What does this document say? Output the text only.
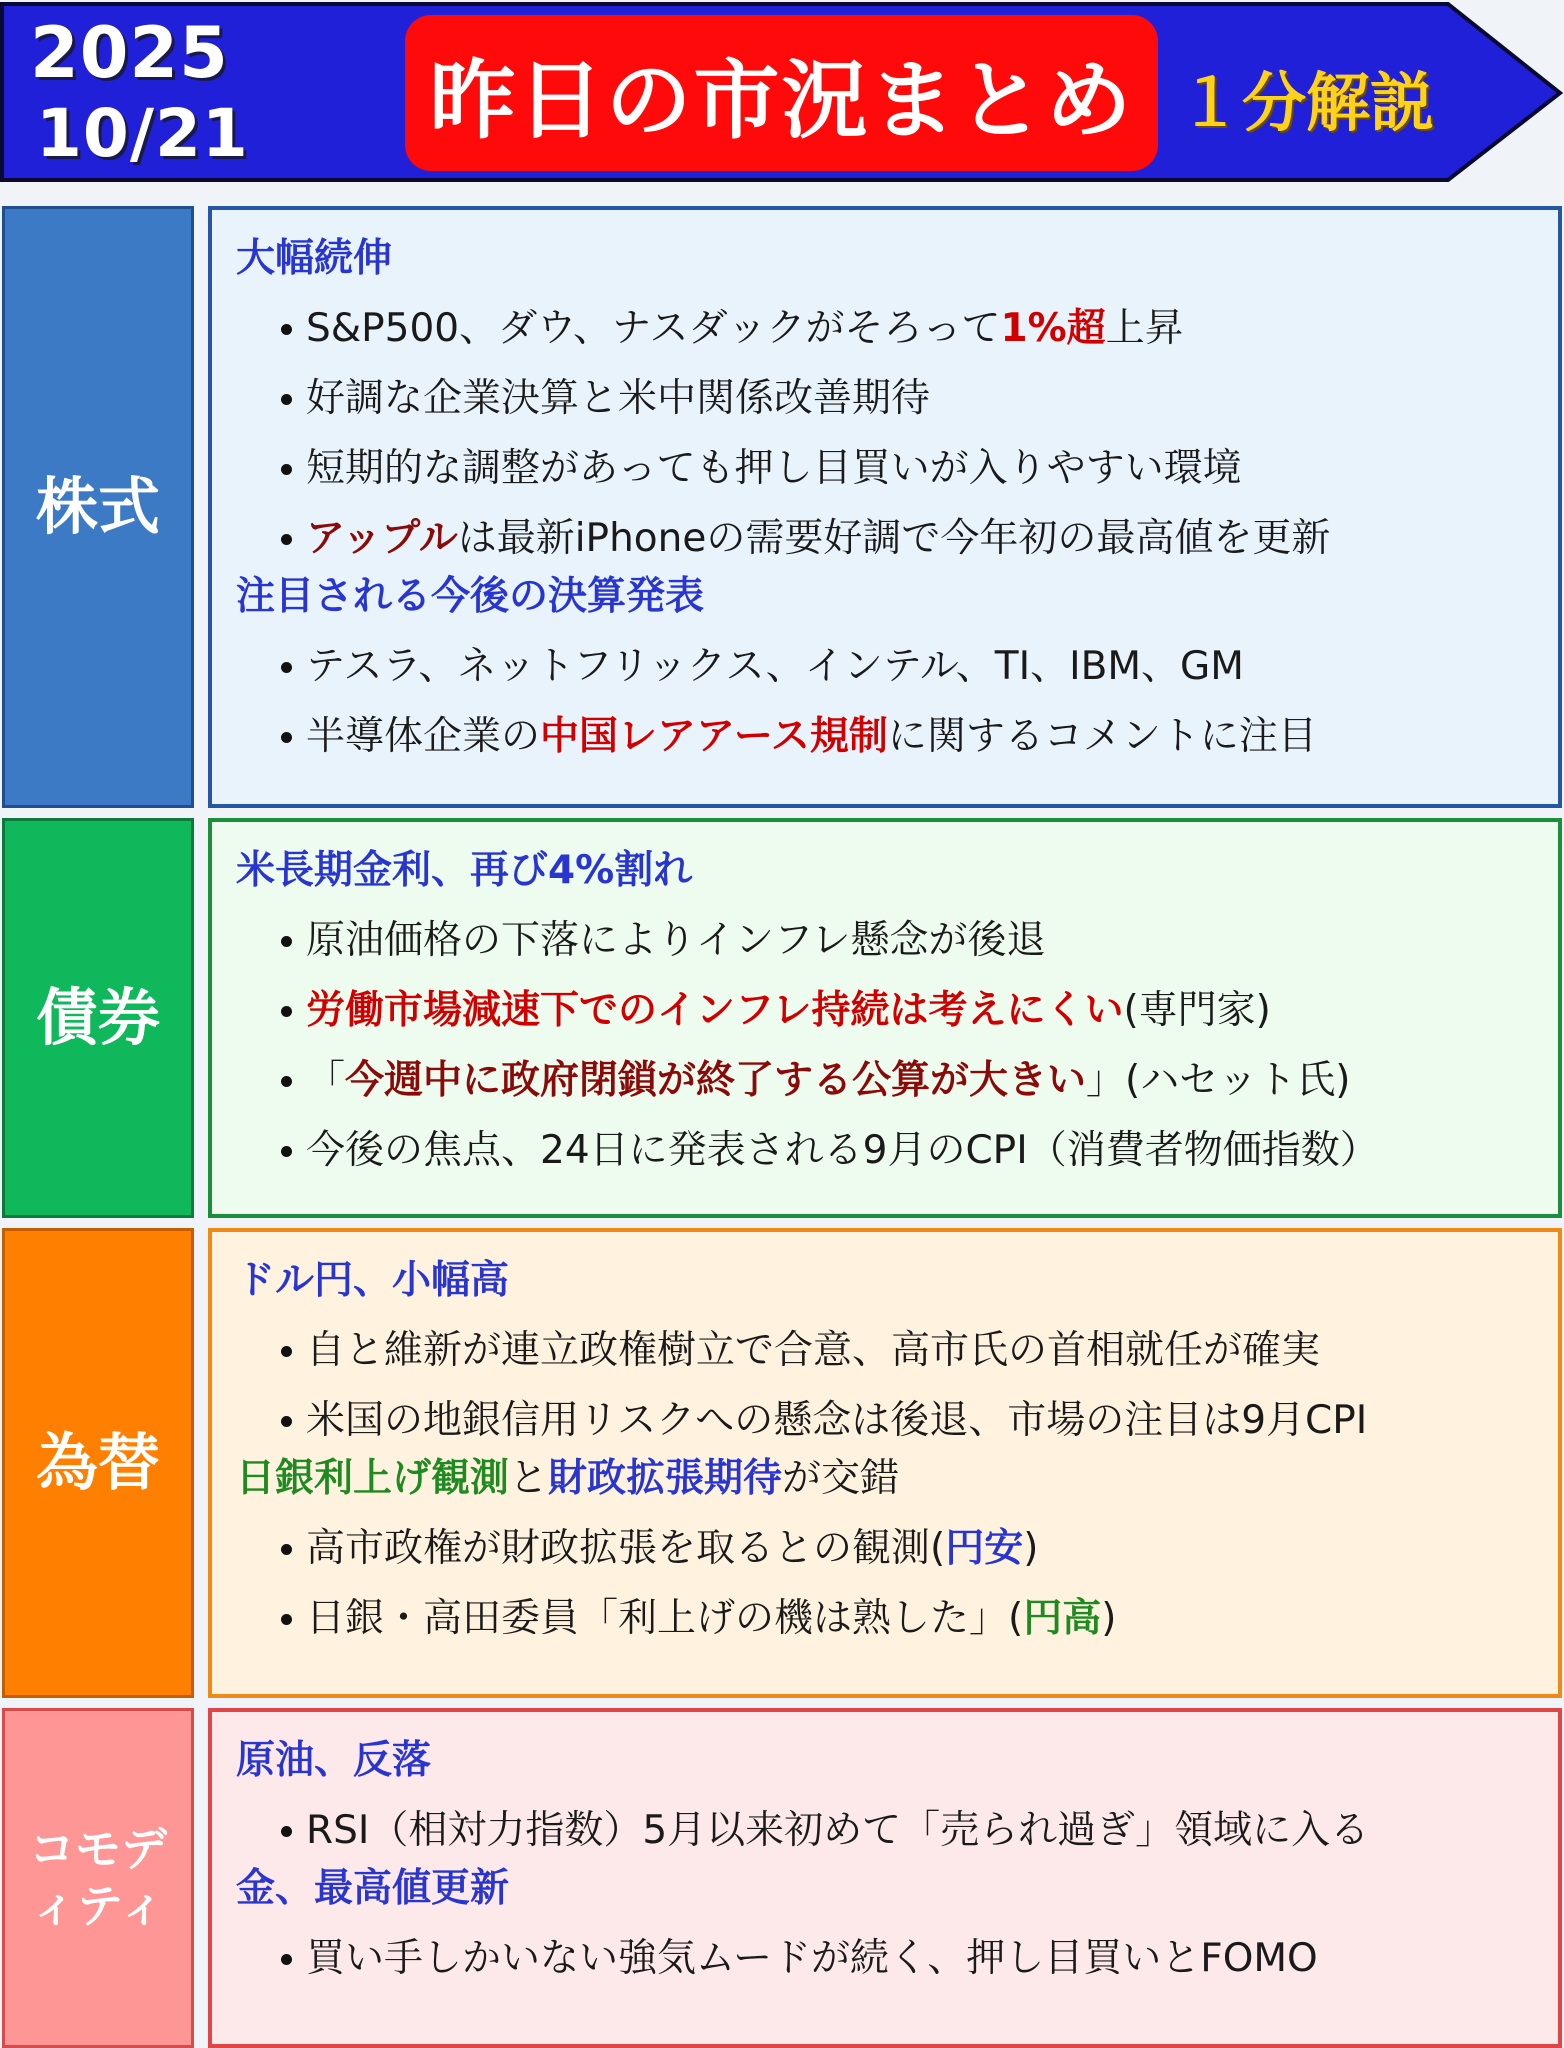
2025
10/21 昨日の市況まとめ １分解説
株式
大幅続伸
S&P500、ダウ、ナスダックがそろって1%超上昇
好調な企業決算と米中関係改善期待
短期的な調整があっても押し目買いが入りやすい環境
アップルは最新iPhoneの需要好調で今年初の最高値を更新
注目される今後の決算発表
テスラ、ネットフリックス、インテル、TI、IBM、GM
半導体企業の中国レアアース規制に関するコメントに注目
債券
米長期金利、再び4%割れ
原油価格の下落によりインフレ懸念が後退
労働市場減速下でのインフレ持続は考えにくい(専門家)
「今週中に政府閉鎖が終了する公算が大きい」(ハセット氏)
今後の焦点、24日に発表される9月のCPI（消費者物価指数）
為替
ドル円、小幅高
自と維新が連立政権樹立で合意、高市氏の首相就任が確実
米国の地銀信用リスクへの懸念は後退、市場の注目は9月CPI
日銀利上げ観測と財政拡張期待が交錯
高市政権が財政拡張を取るとの観測(円安)
日銀・高田委員「利上げの機は熟した」(円高)
コモデ
ィティ
原油、反落
RSI（相対力指数）5月以来初めて「売られ過ぎ」領域に入る
金、最高値更新
買い手しかいない強気ムードが続く、押し目買いとFOMO
